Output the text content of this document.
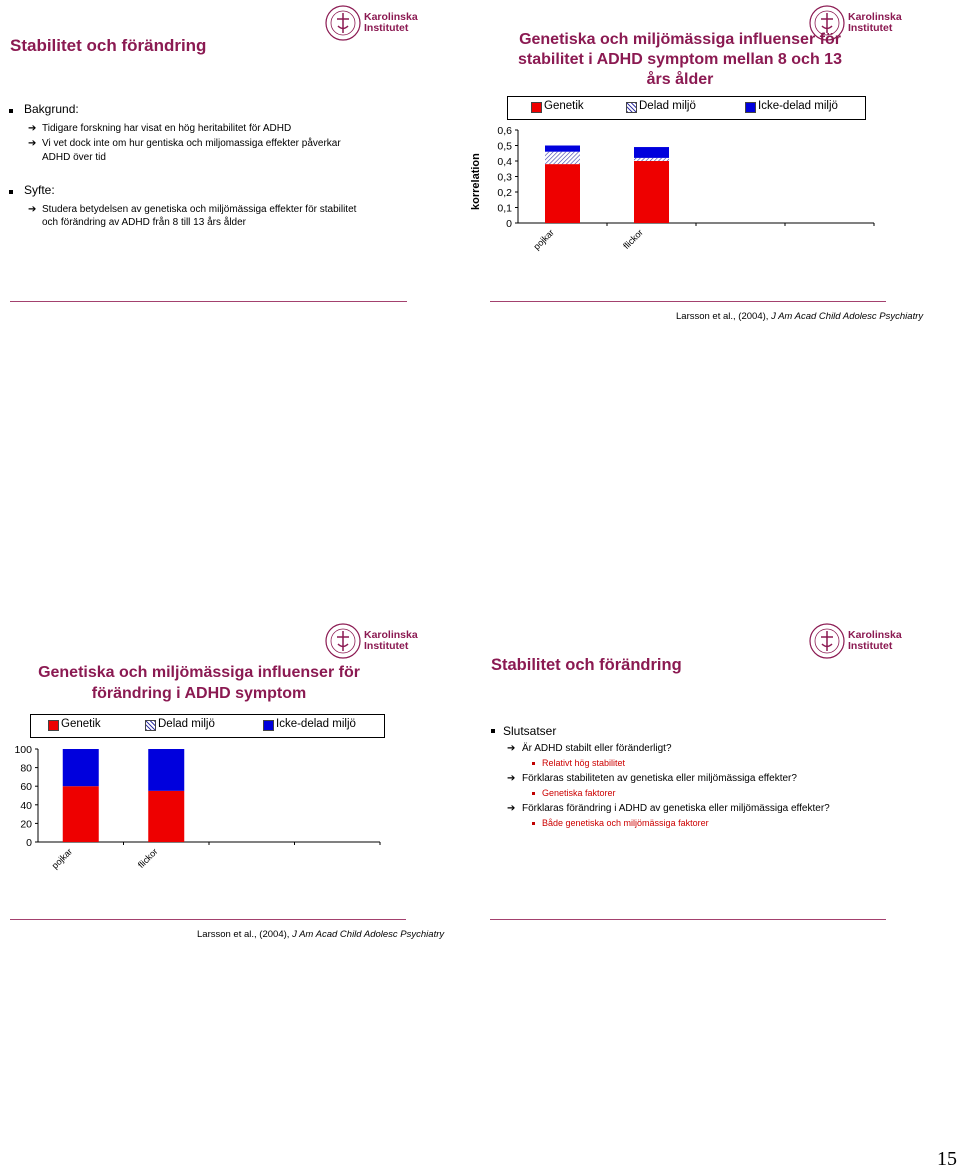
Stabilitet och förändring
Karolinska
Institutet
Bakgrund:
➔ Tidigare forskning har visat en hög heritabilitet för ADHD
➔ Vi vet dock inte om hur gentiska och miljomassiga effekter påverkar
ADHD över tid
Syfte:
➔ Studera betydelsen av genetiska och miljömässiga effekter för stabilitet
och förändring av ADHD från 8 till 13 års ålder
Karolinska
Institutet
Genetiska och miljömässiga influenser för
stabilitet i ADHD symptom mellan 8 och 13
års ålder
Genetik	Delad miljö	Icke-delad miljö
korrelation
0
0,1
0,2
0,3
0,4
0,5
0,6
pojkar	flickor
Larsson et al., (2004), J Am Acad Child Adolesc Psychiatry
Karolinska
Institutet
Genetiska och miljömässiga influenser för
förändring i ADHD symptom
Genetik	Delad miljö	Icke-delad miljö
0
20
40
60
80
100
pojkar	flickor
Larsson et al., (2004), J Am Acad Child Adolesc Psychiatry
Karolinska
Institutet
Stabilitet och förändring
Slutsatser
➔ Är ADHD stabilt eller föränderligt?
Relativt hög stabilitet
➔ Förklaras stabiliteten av genetiska eller miljömässiga effekter?
Genetiska faktorer
➔ Förklaras förändring i ADHD av genetiska eller miljömässiga effekter?
Både genetiska och miljömässiga faktorer
15
